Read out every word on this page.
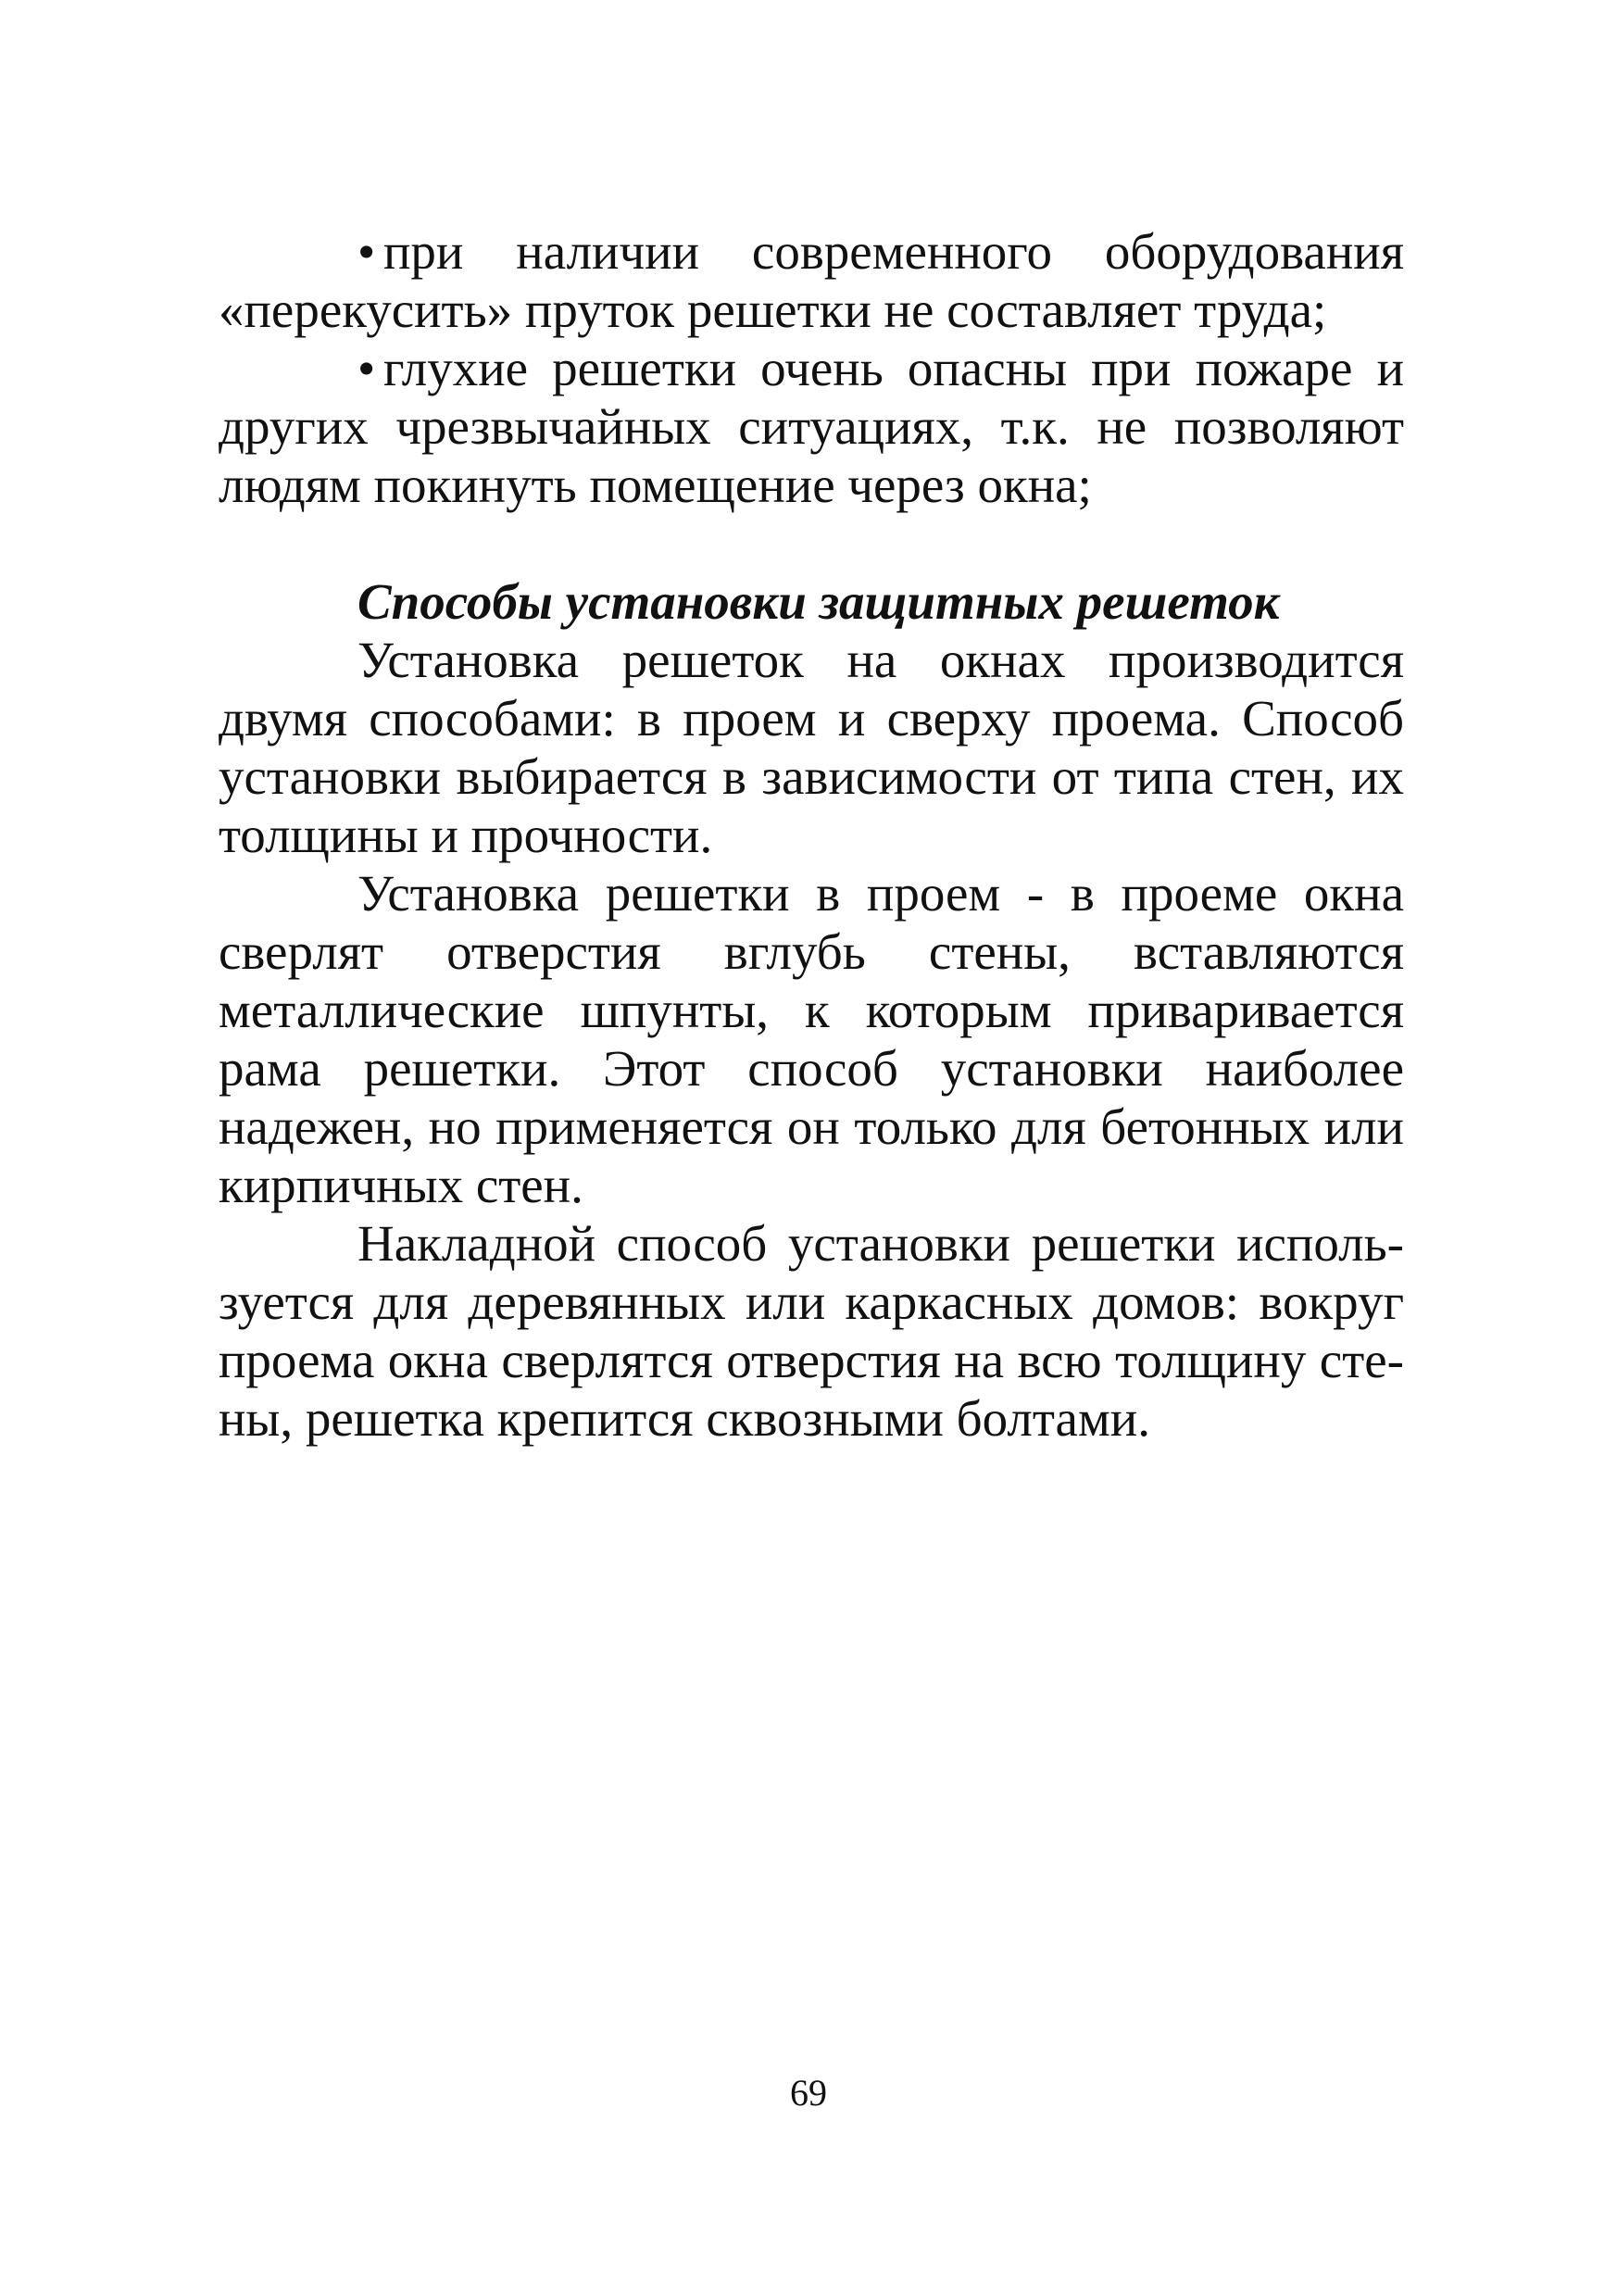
• при наличии современного оборудования «перекусить» пруток решетки не составляет труда;

• глухие решетки очень опасны при пожаре и других чрезвычайных ситуациях, т.к. не позволяют людям покинуть помещение через окна;

Способы установки защитных решеток

Установка решеток на окнах производится двумя способами: в проем и сверху проема. Способ установки выбирается в зависимости от типа стен, их толщины и прочности.

Установка решетки в проем - в проеме окна сверлят отверстия вглубь стены, вставляются металлические шпунты, к которым приваривается рама решетки. Этот способ установки наиболее надежен, но применяется он только для бетонных или кирпичных стен.

Накладной способ установки решетки используется для деревянных или каркасных домов: вокруг проема окна сверлятся отверстия на всю толщину стены, решетка крепится сквозными болтами.

69
